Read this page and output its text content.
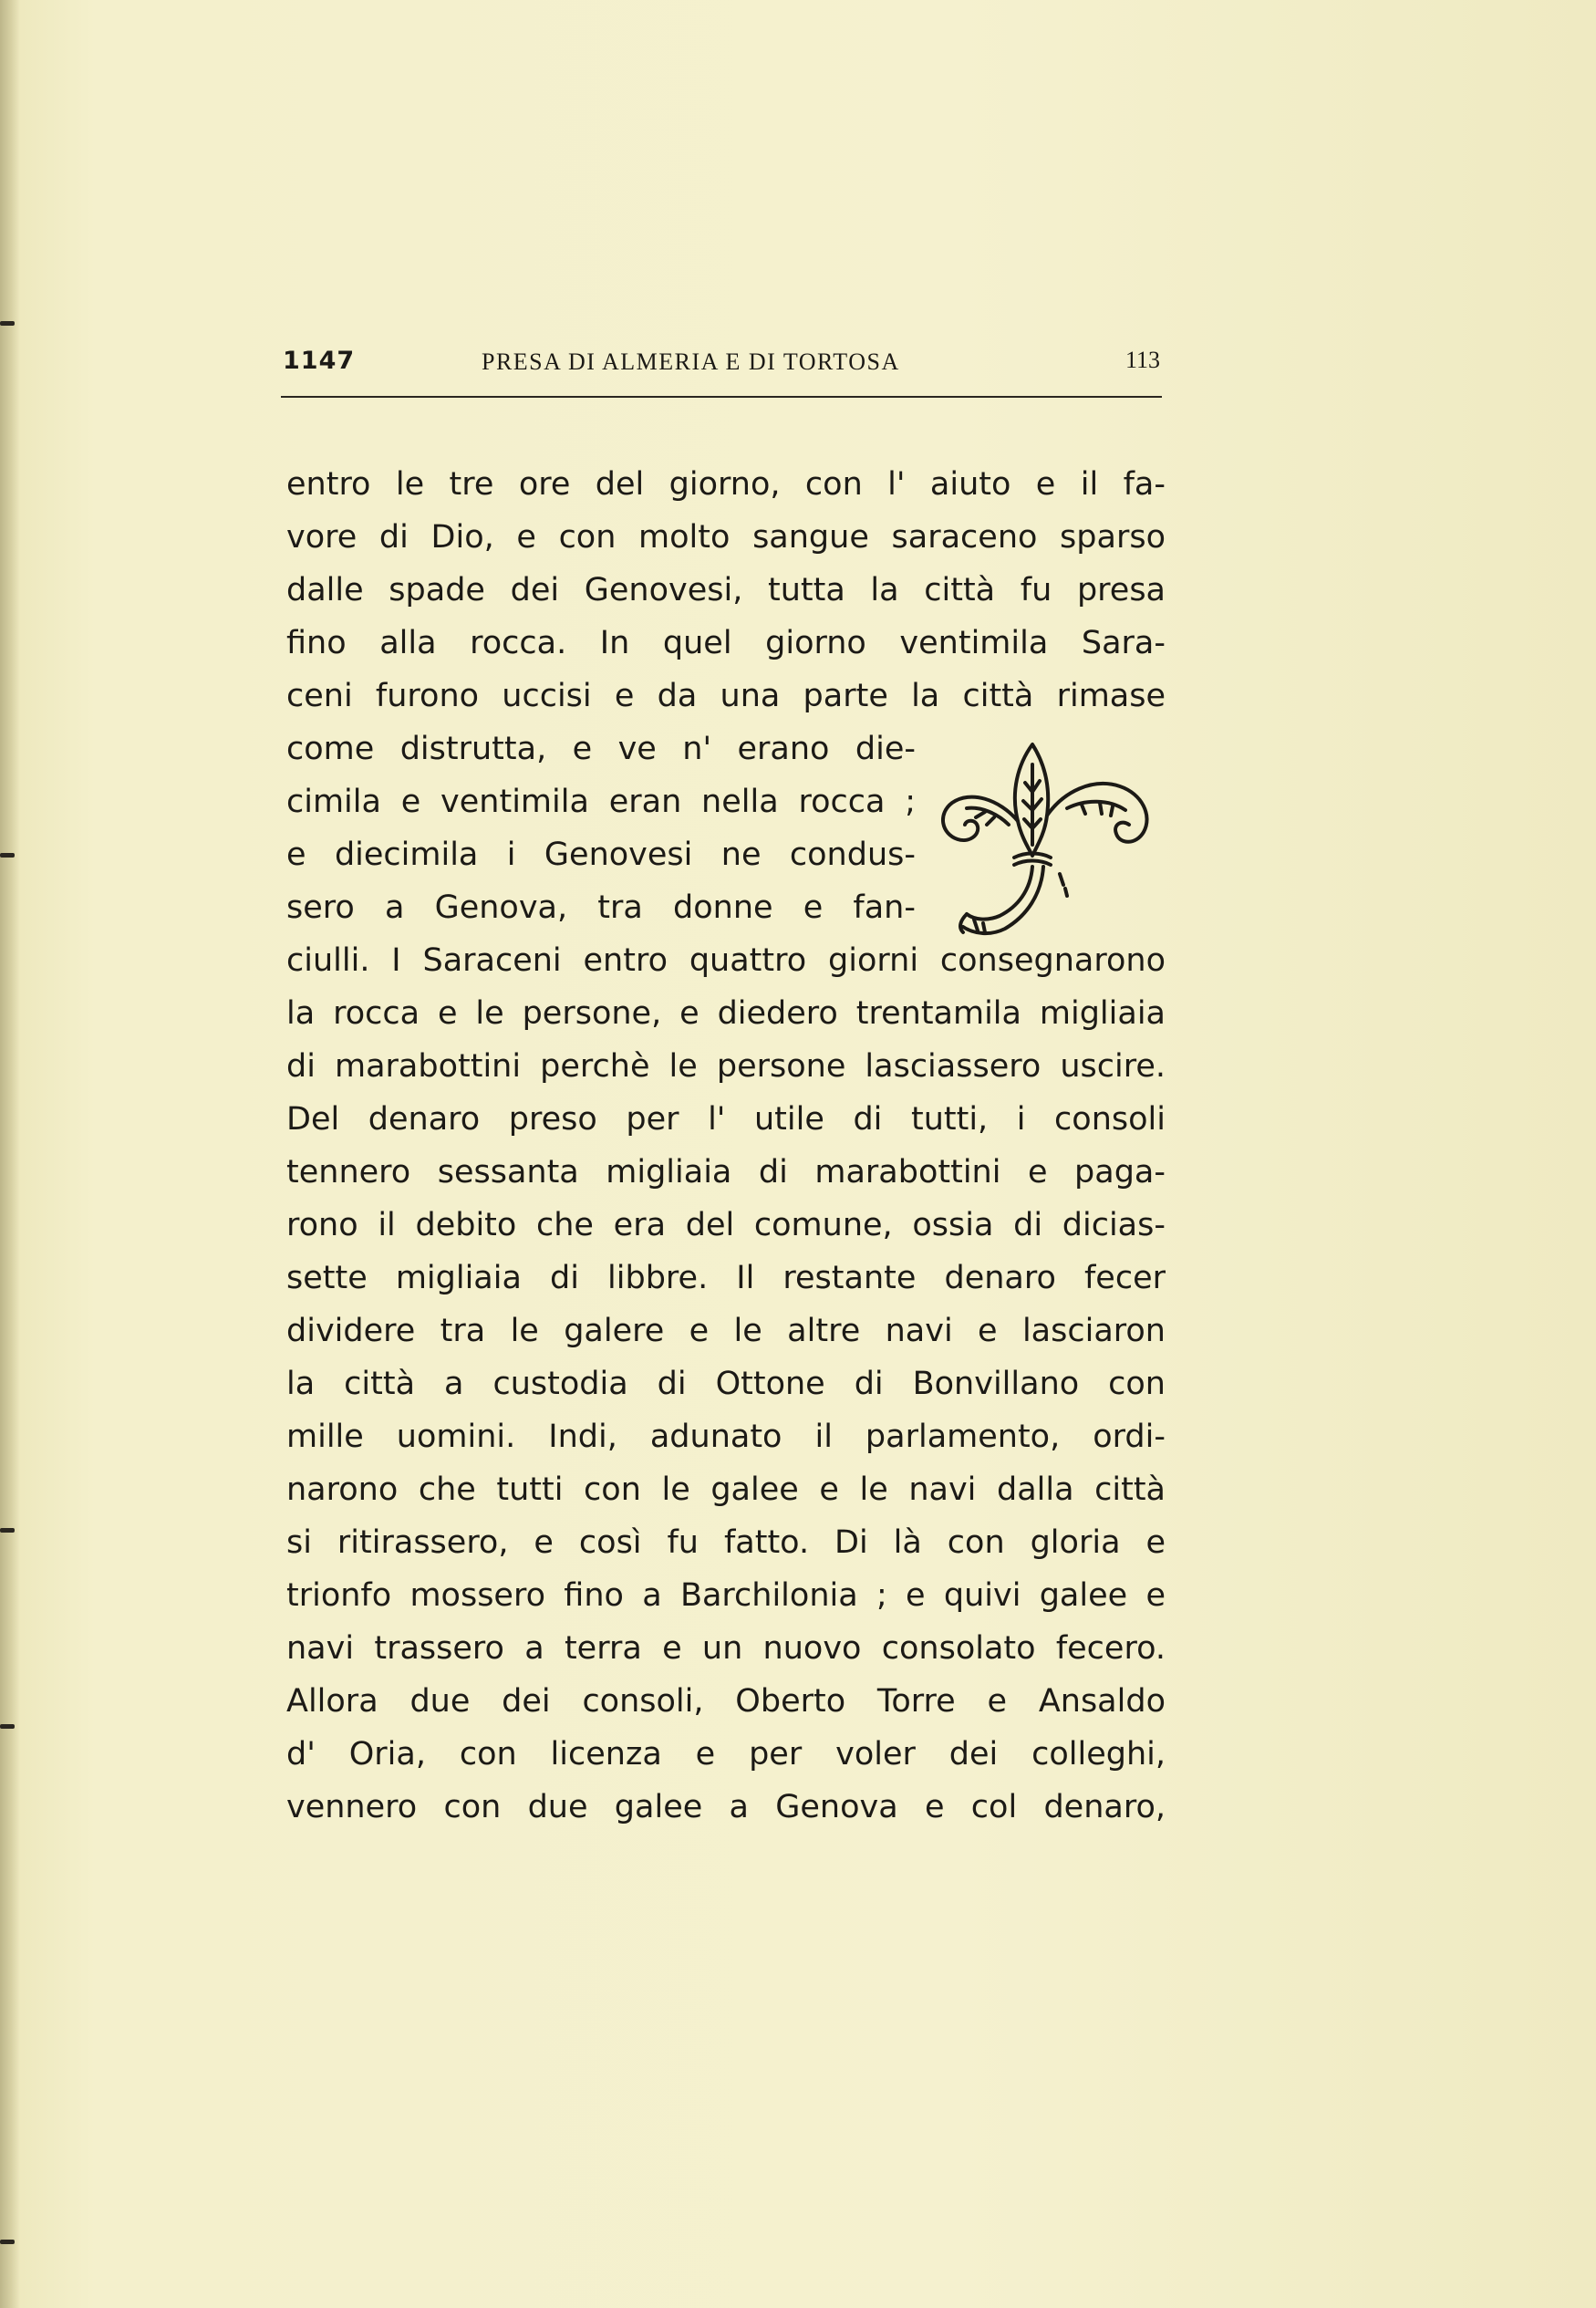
1147	PRESA DI ALMERIA E DI TORTOSA	113
entro le tre ore del giorno, con l' aiuto e il fa-
vore di Dio, e con molto sangue saraceno sparso
dalle spade dei Genovesi, tutta la città fu presa
fino alla rocca. In quel giorno ventimila Sara-
ceni furono uccisi e da una parte la città rimase
come distrutta, e ve n' erano die-
cimila e ventimila eran nella rocca ;
e diecimila i Genovesi ne condus-
sero a Genova, tra donne e fan-
ciulli. I Saraceni entro quattro giorni consegnarono
la rocca e le persone, e diedero trentamila migliaia
di marabottini perchè le persone lasciassero uscire.
Del denaro preso per l' utile di tutti, i consoli
tennero sessanta migliaia di marabottini e paga-
rono il debito che era del comune, ossia di dicias-
sette migliaia di libbre. Il restante denaro fecer
dividere tra le galere e le altre navi e lasciaron
la città a custodia di Ottone di Bonvillano con
mille uomini. Indi, adunato il parlamento, ordi-
narono che tutti con le galee e le navi dalla città
si ritirassero, e così fu fatto. Di là con gloria e
trionfo mossero fino a Barchilonia ; e quivi galee e
navi trassero a terra e un nuovo consolato fecero.
Allora due dei consoli, Oberto Torre e Ansaldo
d' Oria, con licenza e per voler dei colleghi,
vennero con due galee a Genova e col denaro,
